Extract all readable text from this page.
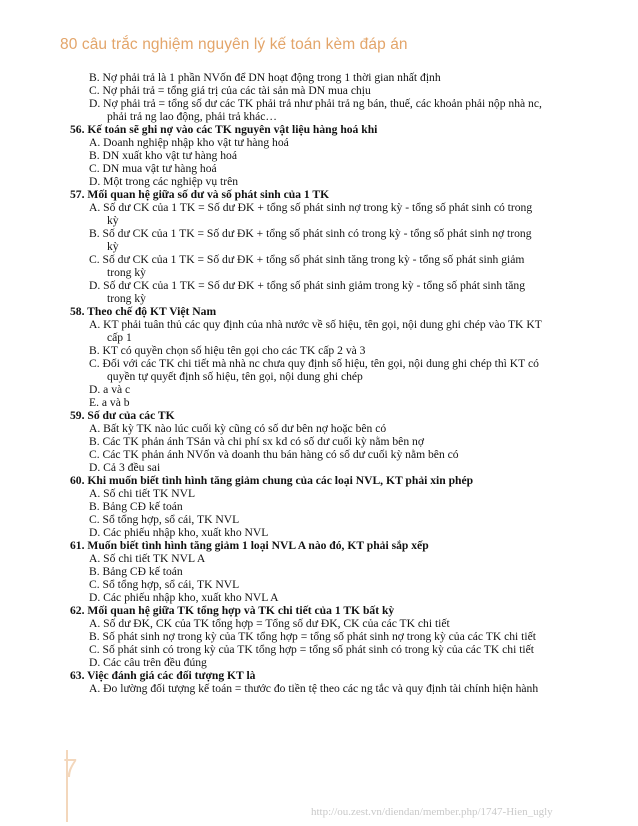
80 câu trắc nghiệm nguyên lý kế toán kèm đáp án
B. Nợ phải trả là 1 phần NVốn để DN hoạt động trong 1 thời gian nhất định
C. Nợ phải trả = tổng giá trị của các tài sản mà DN mua chịu
D. Nợ phải trả = tổng số dư các TK phải trả như phải trả ng bán, thuế, các khoản phải nộp nhà nc,
phải trả ng lao động, phải trả khác…
56. Kế toán sẽ ghi nợ vào các TK nguyên vật liệu hàng hoá khi
A. Doanh nghiệp nhập kho vật tư hàng hoá
B. DN xuất kho vật tư hàng hoá
C. DN mua vật tư hàng hoá
D. Một trong các nghiệp vụ trên
57. Mối quan hệ giữa số dư và số phát sinh của 1 TK
A. Số dư CK của 1 TK = Số dư ĐK + tổng số phát sinh nợ trong kỳ - tổng số phát sinh có trong
kỳ
B. Số dư CK của 1 TK = Số dư ĐK + tổng số phát sinh có trong kỳ - tổng số phát sinh nợ trong
kỳ
C. Số dư CK của 1 TK = Số dư ĐK + tổng số phát sinh tăng trong kỳ - tổng số phát sinh giảm
trong kỳ
D. Số dư CK của 1 TK = Số dư ĐK + tổng số phát sinh giảm trong kỳ - tổng số phát sinh tăng
trong kỳ
58. Theo chế độ KT Việt Nam
A. KT phải tuân thủ các quy định của nhà nước về số hiệu, tên gọi, nội dung ghi chép vào TK KT
cấp 1
B. KT có quyền chọn số hiệu tên gọi cho các TK cấp 2 và 3
C. Đối với các TK chi tiết mà nhà nc chưa quy định số hiệu, tên gọi, nội dung ghi chép thì KT có
quyền tự quyết định số hiệu, tên gọi, nội dung ghi chép
D. a và c
E. a và b
59. Số dư của các TK
A. Bất kỳ TK nào lúc cuối kỳ cũng có số dư bên nợ hoặc bên có
B. Các TK phản ánh TSản và chi phí sx kd có số dư cuối kỳ nằm bên nợ
C. Các TK phản ánh NVốn và doanh thu bán hàng có số dư cuối kỳ nằm bên có
D. Cả 3 đều sai
60. Khi muốn biết tình hình tăng giảm chung của các loại NVL, KT phải xin phép
A. Số chi tiết TK NVL
B. Bảng CĐ kế toán
C. Sổ tổng hợp, sổ cái, TK NVL
D. Các phiếu nhập kho, xuất kho NVL
61. Muốn biết tình hình tăng giảm 1 loại NVL A nào đó, KT phải sắp xếp
A. Số chi tiết TK NVL A
B. Bảng CĐ kế toán
C. Sổ tổng hợp, sổ cái, TK NVL
D. Các phiếu nhập kho, xuất kho NVL A
62. Mối quan hệ giữa TK tổng hợp và TK chi tiết của 1 TK bất kỳ
A. Số dư ĐK, CK của TK tổng hợp = Tổng số dư ĐK, CK của các TK chi tiết
B. Số phát sinh nợ trong kỳ của TK tổng hợp = tổng số phát sinh nợ trong kỳ của các TK chi tiết
C. Số phát sinh có trong kỳ của TK tổng hợp = tổng số phát sinh có trong kỳ của các TK chi tiết
D. Các câu trên đều đúng
63. Việc đánh giá các đối tượng KT là
A. Đo lường đối tượng kế toán = thước đo tiền tệ theo các ng tắc và quy định tài chính hiện hành
7
http://ou.zest.vn/diendan/member.php/1747-Hien_ugly
